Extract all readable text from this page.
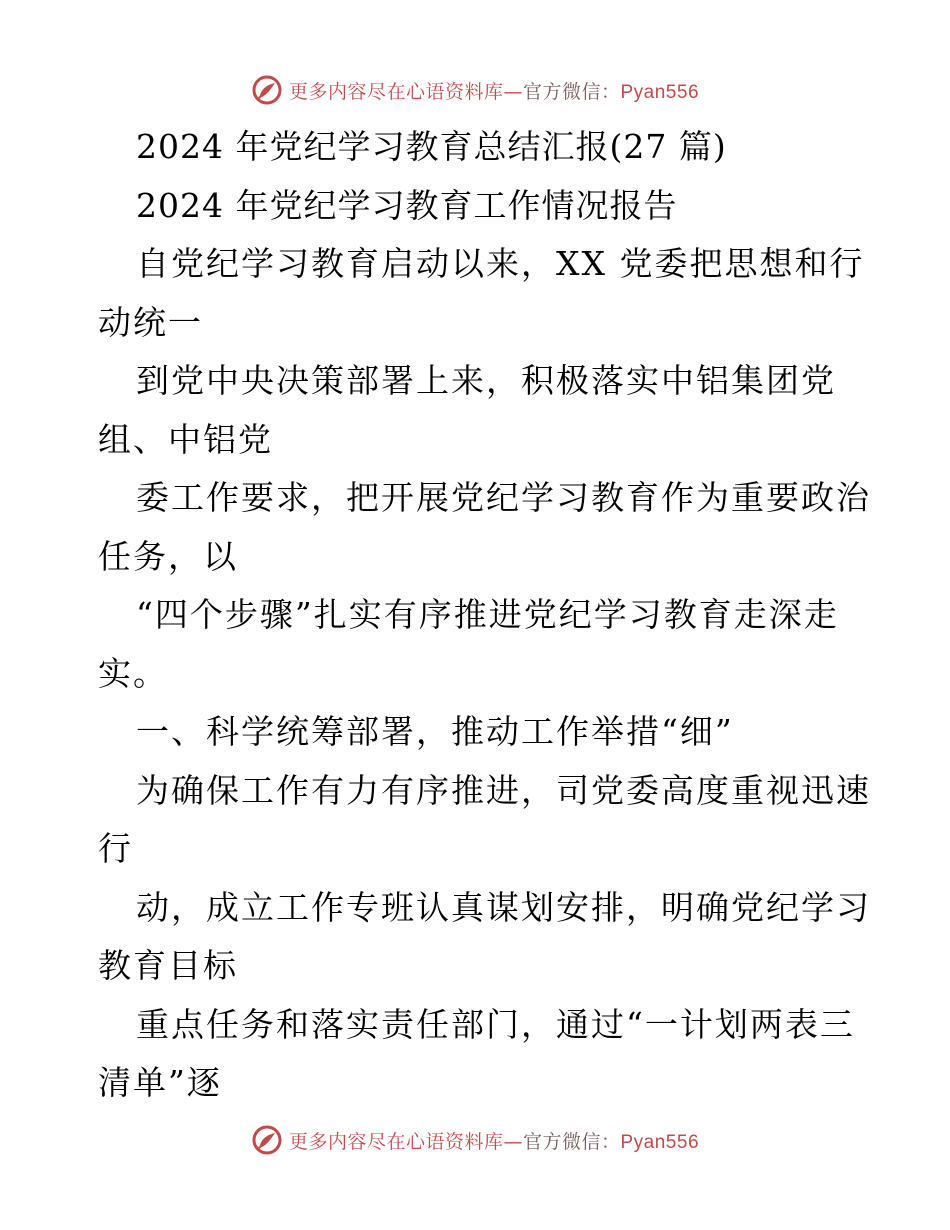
更多内容尽在心语资料库—官方微信：Pyan556
2024 年党纪学习教育总结汇报(27 篇)
2024 年党纪学习教育工作情况报告
自党纪学习教育启动以来，XX 党委把思想和行
动统一
到党中央决策部署上来，积极落实中铝集团党
组、中铝党
委工作要求，把开展党纪学习教育作为重要政治
任务，以
“四个步骤”扎实有序推进党纪学习教育走深走
实。
一、科学统筹部署，推动工作举措“细”
为确保工作有力有序推进，司党委高度重视迅速
行
动，成立工作专班认真谋划安排，明确党纪学习
教育目标
重点任务和落实责任部门，通过“一计划两表三
清单”逐
更多内容尽在心语资料库—官方微信：Pyan556
